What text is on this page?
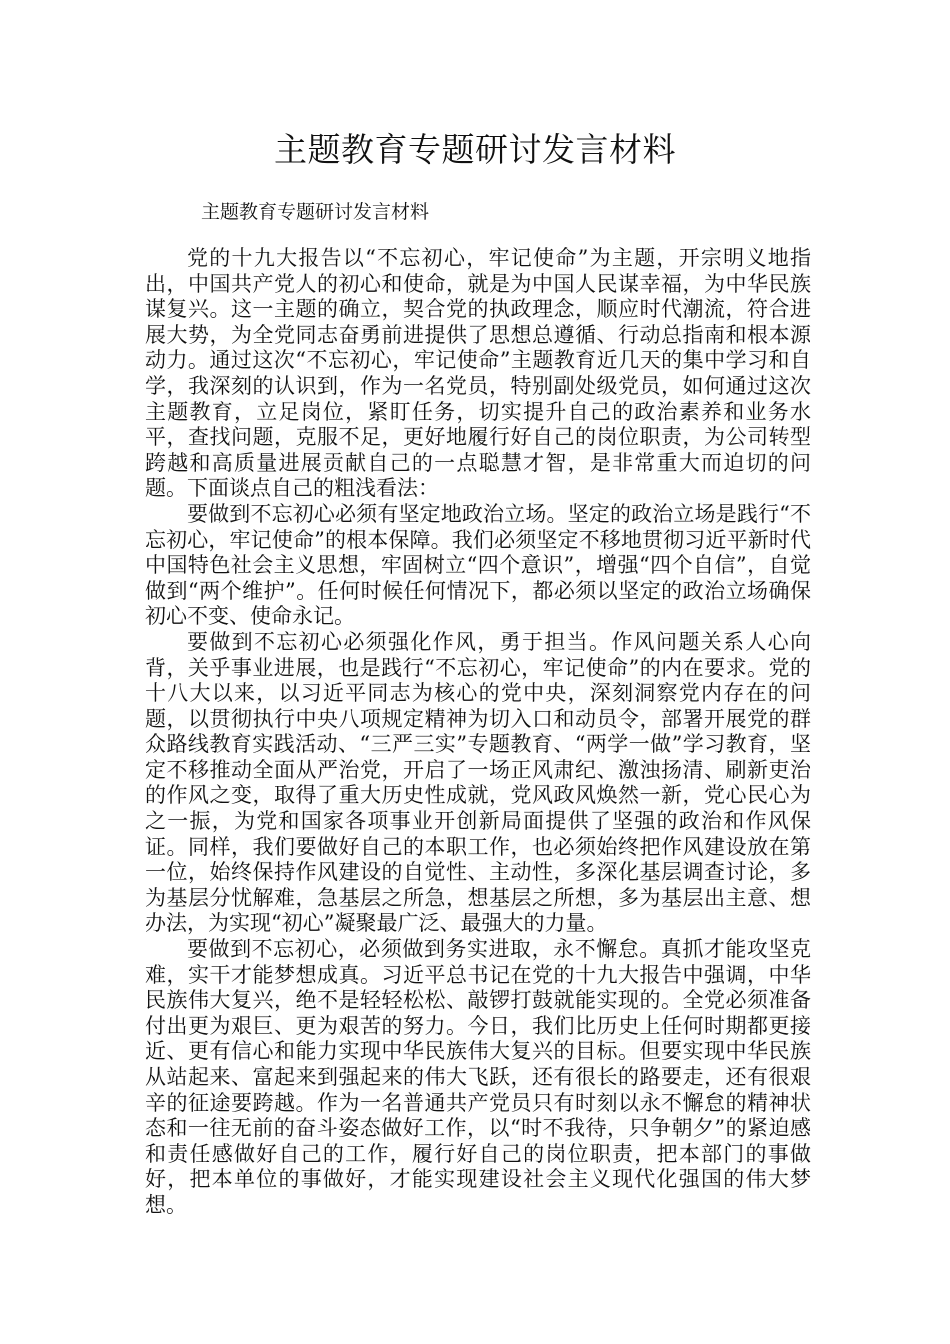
主题教育专题研讨发言材料
主题教育专题研讨发言材料

党的十九大报告以“不忘初心，牢记使命”为主题，开宗明义地指出，中国共产党人的初心和使命，就是为中国人民谋幸福，为中华民族谋复兴。这一主题的确立，契合党的执政理念，顺应时代潮流，符合进展大势，为全党同志奋勇前进提供了思想总遵循、行动总指南和根本源动力。通过这次“不忘初心，牢记使命”主题教育近几天的集中学习和自学，我深刻的认识到，作为一名党员，特别副处级党员，如何通过这次主题教育，立足岗位，紧盯任务，切实提升自己的政治素养和业务水平，查找问题，克服不足，更好地履行好自己的岗位职责，为公司转型跨越和高质量进展贡献自己的一点聪慧才智，是非常重大而迫切的问题。下面谈点自己的粗浅看法：

要做到不忘初心必须有坚定地政治立场。坚定的政治立场是践行“不忘初心，牢记使命”的根本保障。我们必须坚定不移地贯彻习近平新时代中国特色社会主义思想，牢固树立“四个意识”，增强“四个自信”，自觉做到“两个维护”。任何时候任何情况下，都必须以坚定的政治立场确保初心不变、使命永记。

要做到不忘初心必须强化作风，勇于担当。作风问题关系人心向背，关乎事业进展，也是践行“不忘初心，牢记使命”的内在要求。党的十八大以来，以习近平同志为核心的党中央，深刻洞察党内存在的问题，以贯彻执行中央八项规定精神为切入口和动员令，部署开展党的群众路线教育实践活动、“三严三实”专题教育、“两学一做”学习教育，坚定不移推动全面从严治党，开启了一场正风肃纪、激浊扬清、刷新吏治的作风之变，取得了重大历史性成就，党风政风焕然一新，党心民心为之一振，为党和国家各项事业开创新局面提供了坚强的政治和作风保证。同样，我们要做好自己的本职工作，也必须始终把作风建设放在第一位，始终保持作风建设的自觉性、主动性，多深化基层调查讨论，多为基层分忧解难，急基层之所急，想基层之所想，多为基层出主意、想办法，为实现“初心”凝聚最广泛、最强大的力量。

要做到不忘初心，必须做到务实进取，永不懈怠。真抓才能攻坚克难，实干才能梦想成真。习近平总书记在党的十九大报告中强调，中华民族伟大复兴，绝不是轻轻松松、敲锣打鼓就能实现的。全党必须准备付出更为艰巨、更为艰苦的努力。今日，我们比历史上任何时期都更接近、更有信心和能力实现中华民族伟大复兴的目标。但要实现中华民族从站起来、富起来到强起来的伟大飞跃，还有很长的路要走，还有很艰辛的征途要跨越。作为一名普通共产党员只有时刻以永不懈怠的精神状态和一往无前的奋斗姿态做好工作，以“时不我待，只争朝夕”的紧迫感和责任感做好自己的工作，履行好自己的岗位职责，把本部门的事做好，把本单位的事做好，才能实现建设社会主义现代化强国的伟大梦想。
